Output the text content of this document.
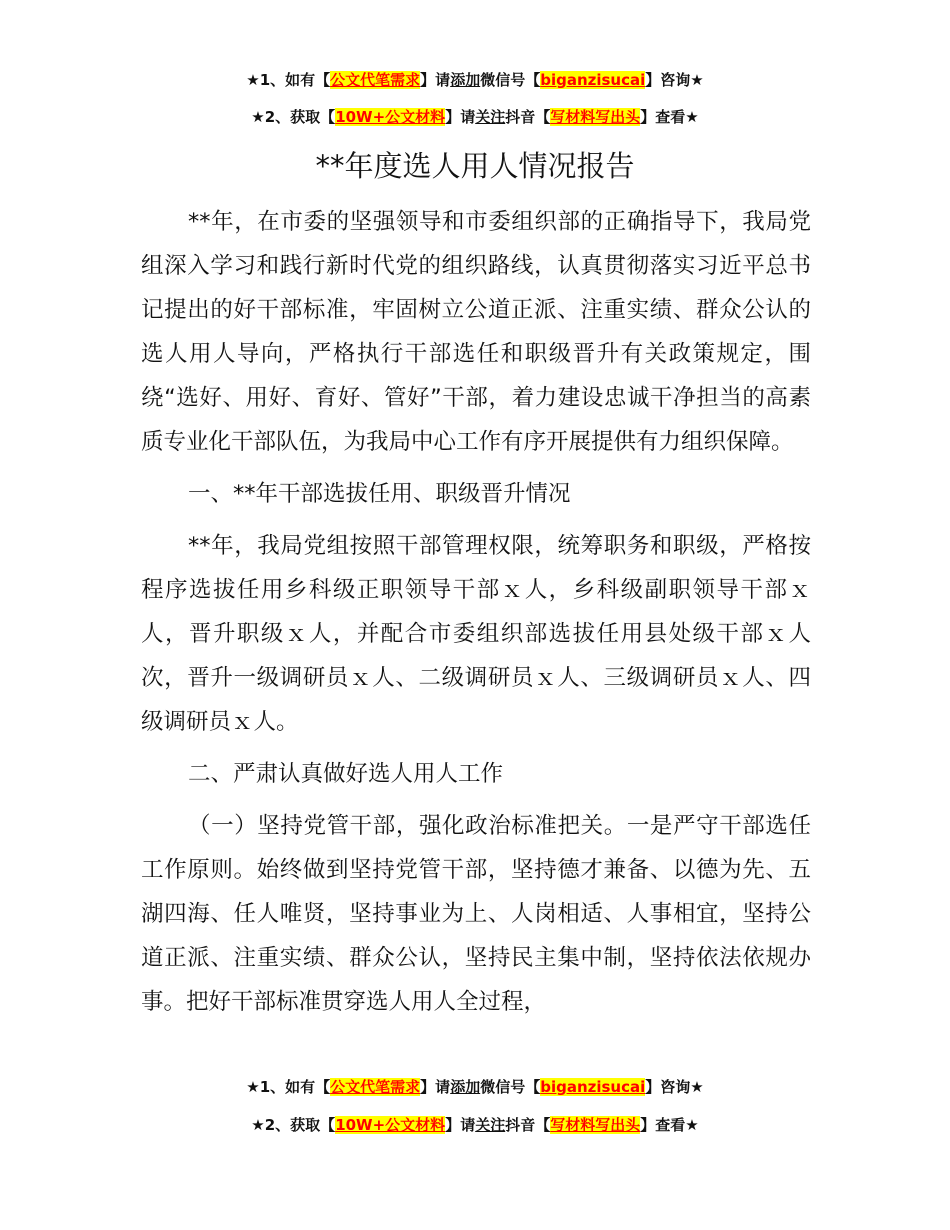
★1、如有【公文代笔需求】请添加微信号【biganzisucai】咨询★
★2、获取【10W+公文材料】请关注抖音【写材料写出头】查看★
**年度选人用人情况报告

**年，在市委的坚强领导和市委组织部的正确指导下，我局党组深入学习和践行新时代党的组织路线，认真贯彻落实习近平总书记提出的好干部标准，牢固树立公道正派、注重实绩、群众公认的选人用人导向，严格执行干部选任和职级晋升有关政策规定，围绕“选好、用好、育好、管好”干部，着力建设忠诚干净担当的高素质专业化干部队伍，为我局中心工作有序开展提供有力组织保障。

一、**年干部选拔任用、职级晋升情况

**年，我局党组按照干部管理权限，统筹职务和职级，严格按程序选拔任用乡科级正职领导干部ｘ人，乡科级副职领导干部ｘ人，晋升职级ｘ人，并配合市委组织部选拔任用县处级干部ｘ人次，晋升一级调研员ｘ人、二级调研员ｘ人、三级调研员ｘ人、四级调研员ｘ人。

二、严肃认真做好选人用人工作

（一）坚持党管干部，强化政治标准把关。一是严守干部选任工作原则。始终做到坚持党管干部，坚持德才兼备、以德为先、五湖四海、任人唯贤，坚持事业为上、人岗相适、人事相宜，坚持公道正派、注重实绩、群众公认，坚持民主集中制，坚持依法依规办事。把好干部标准贯穿选人用人全过程，

★1、如有【公文代笔需求】请添加微信号【biganzisucai】咨询★
★2、获取【10W+公文材料】请关注抖音【写材料写出头】查看★
